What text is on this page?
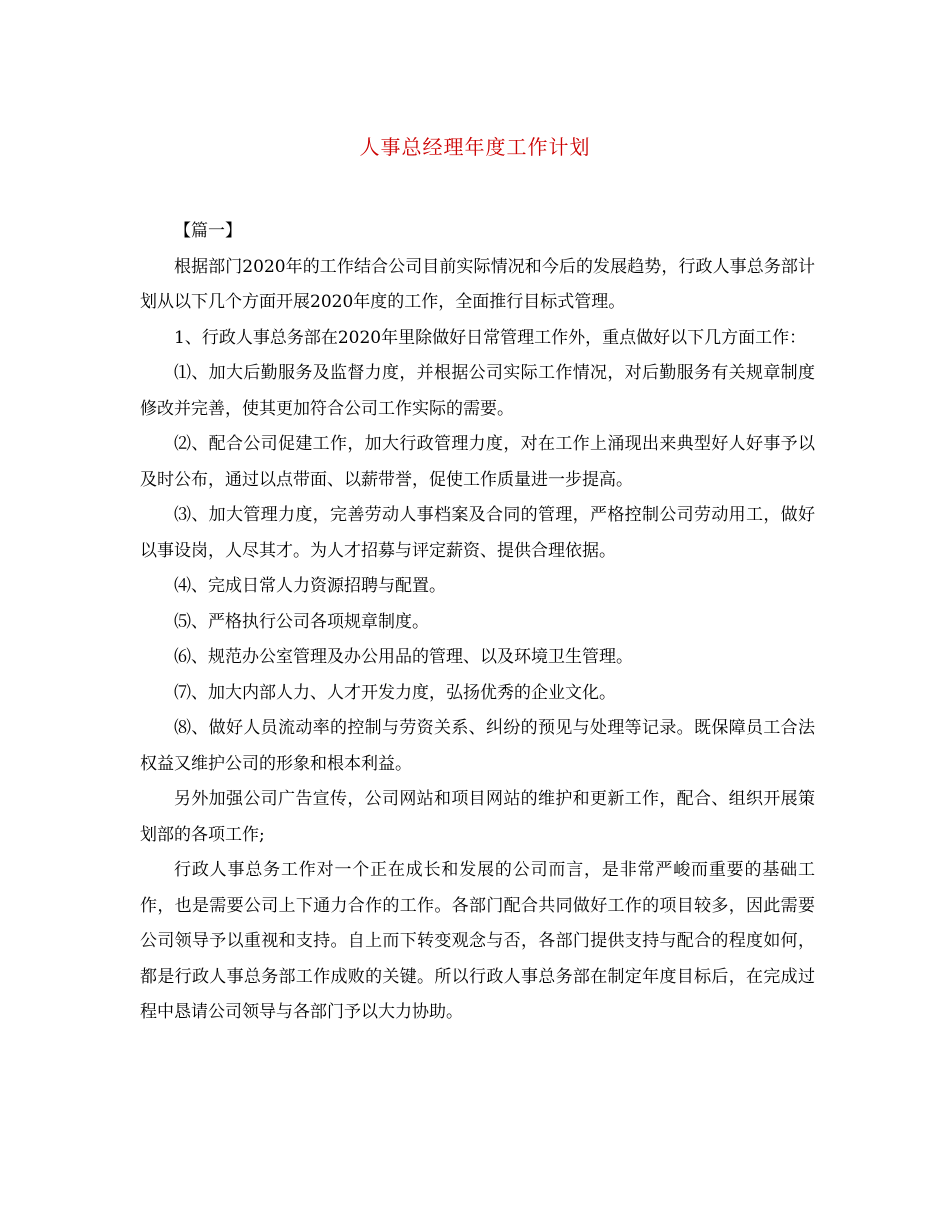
人事总经理年度工作计划

【篇一】

根据部门2020年的工作结合公司目前实际情况和今后的发展趋势，行政人事总务部计划从以下几个方面开展2020年度的工作，全面推行目标式管理。

1、行政人事总务部在2020年里除做好日常管理工作外，重点做好以下几方面工作：

⑴、加大后勤服务及监督力度，并根据公司实际工作情况，对后勤服务有关规章制度修改并完善，使其更加符合公司工作实际的需要。

⑵、配合公司促建工作，加大行政管理力度，对在工作上涌现出来典型好人好事予以及时公布，通过以点带面、以薪带誉，促使工作质量进一步提高。

⑶、加大管理力度，完善劳动人事档案及合同的管理，严格控制公司劳动用工，做好以事设岗，人尽其才。为人才招募与评定薪资、提供合理依据。

⑷、完成日常人力资源招聘与配置。

⑸、严格执行公司各项规章制度。

⑹、规范办公室管理及办公用品的管理、以及环境卫生管理。

⑺、加大内部人力、人才开发力度，弘扬优秀的企业文化。

⑻、做好人员流动率的控制与劳资关系、纠纷的预见与处理等记录。既保障员工合法权益又维护公司的形象和根本利益。

另外加强公司广告宣传，公司网站和项目网站的维护和更新工作，配合、组织开展策划部的各项工作;

行政人事总务工作对一个正在成长和发展的公司而言，是非常严峻而重要的基础工作，也是需要公司上下通力合作的工作。各部门配合共同做好工作的项目较多，因此需要公司领导予以重视和支持。自上而下转变观念与否，各部门提供支持与配合的程度如何，都是行政人事总务部工作成败的关键。所以行政人事总务部在制定年度目标后，在完成过程中恳请公司领导与各部门予以大力协助。
